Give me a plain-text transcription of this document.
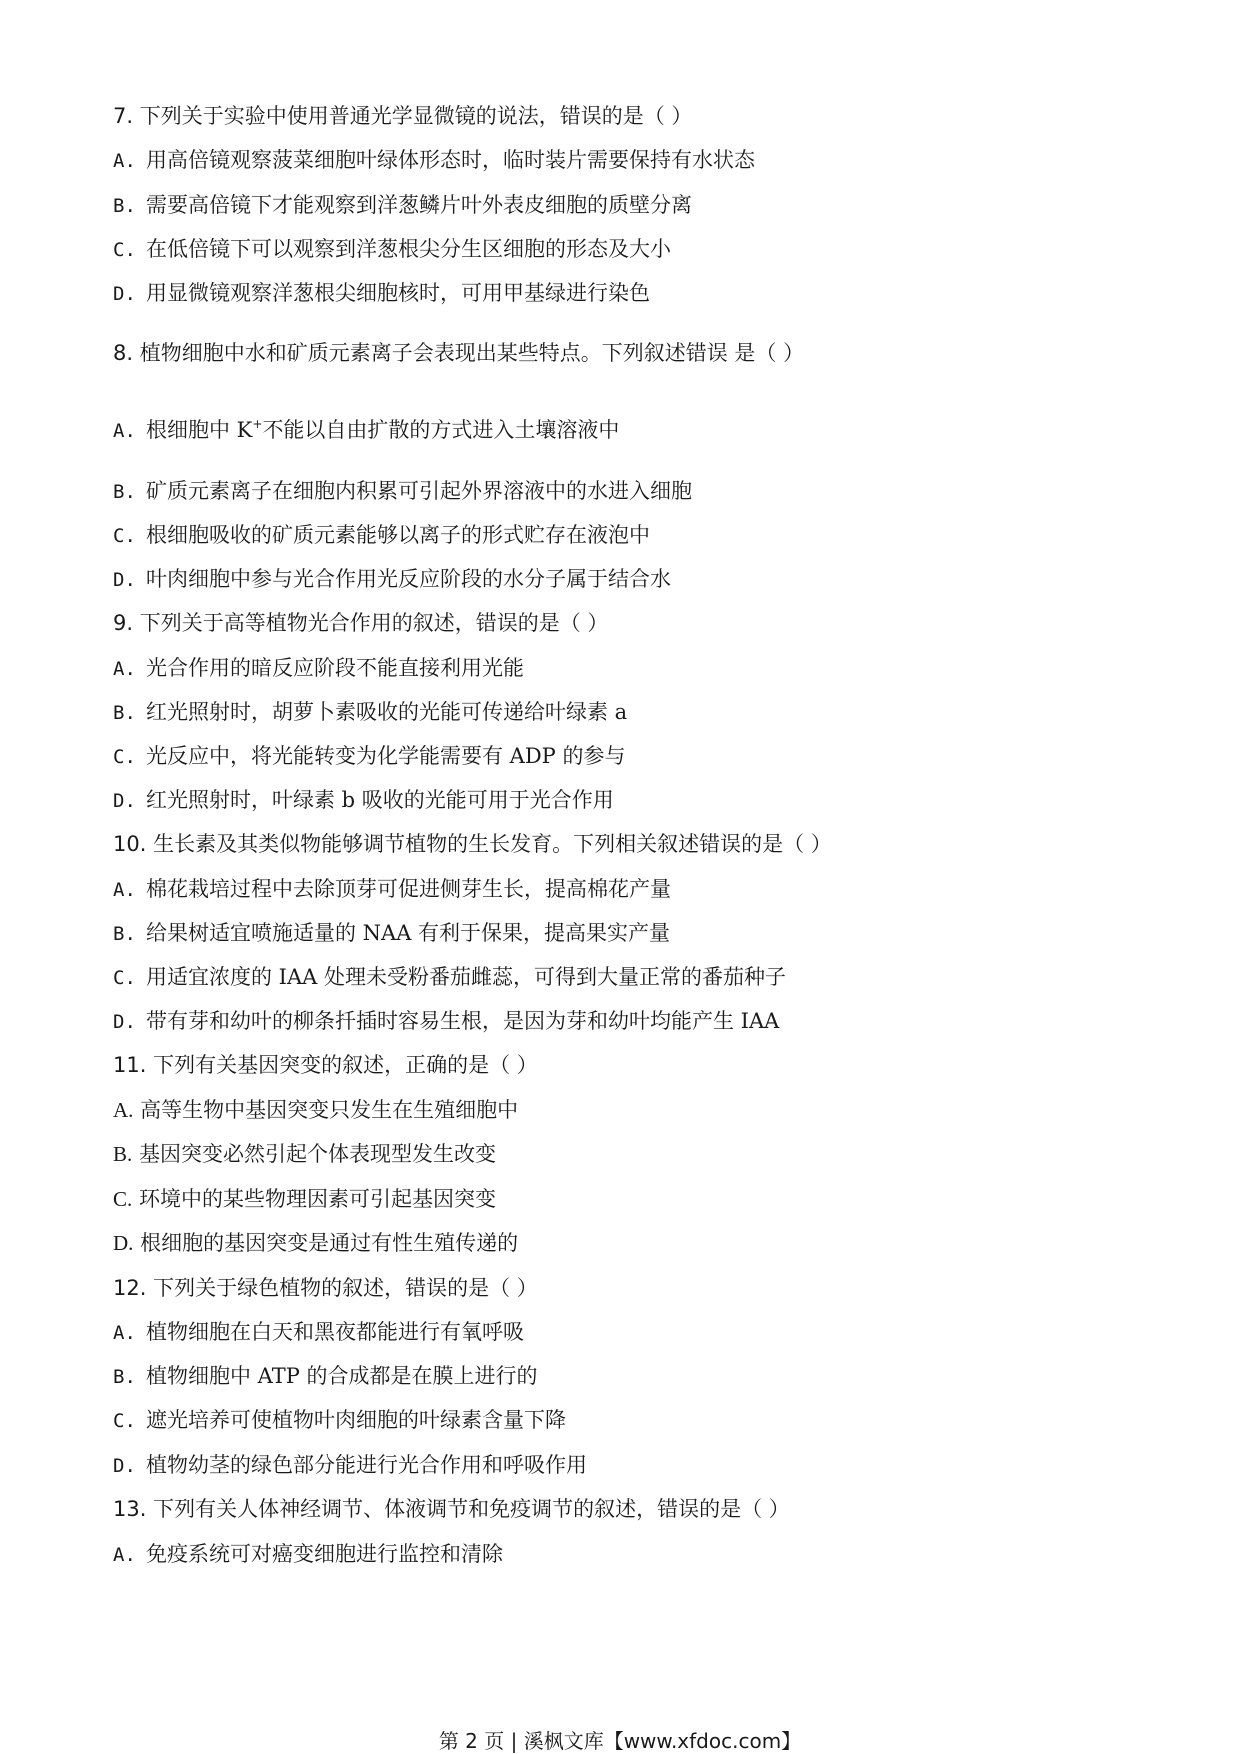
7. 下列关于实验中使用普通光学显微镜的说法，错误的是（ ）
A. 用高倍镜观察菠菜细胞叶绿体形态时，临时装片需要保持有水状态
B. 需要高倍镜下才能观察到洋葱鳞片叶外表皮细胞的质壁分离
C. 在低倍镜下可以观察到洋葱根尖分生区细胞的形态及大小
D. 用显微镜观察洋葱根尖细胞核时，可用甲基绿进行染色
8. 植物细胞中水和矿质元素离子会表现出某些特点。下列叙述错误 是（ ）
A. 根细胞中 K+不能以自由扩散的方式进入土壤溶液中
B. 矿质元素离子在细胞内积累可引起外界溶液中的水进入细胞
C. 根细胞吸收的矿质元素能够以离子的形式贮存在液泡中
D. 叶肉细胞中参与光合作用光反应阶段的水分子属于结合水
9. 下列关于高等植物光合作用的叙述，错误的是（ ）
A. 光合作用的暗反应阶段不能直接利用光能
B. 红光照射时，胡萝卜素吸收的光能可传递给叶绿素 a
C. 光反应中，将光能转变为化学能需要有 ADP 的参与
D. 红光照射时，叶绿素 b 吸收的光能可用于光合作用
10. 生长素及其类似物能够调节植物的生长发育。下列相关叙述错误的是（ ）
A. 棉花栽培过程中去除顶芽可促进侧芽生长，提高棉花产量
B. 给果树适宜喷施适量的 NAA 有利于保果，提高果实产量
C. 用适宜浓度的 IAA 处理未受粉番茄雌蕊，可得到大量正常的番茄种子
D. 带有芽和幼叶的柳条扦插时容易生根，是因为芽和幼叶均能产生 IAA
11. 下列有关基因突变的叙述，正确的是（ ）
A. 高等生物中基因突变只发生在生殖细胞中
B. 基因突变必然引起个体表现型发生改变
C. 环境中的某些物理因素可引起基因突变
D. 根细胞的基因突变是通过有性生殖传递的
12. 下列关于绿色植物的叙述，错误的是（ ）
A. 植物细胞在白天和黑夜都能进行有氧呼吸
B. 植物细胞中 ATP 的合成都是在膜上进行的
C. 遮光培养可使植物叶肉细胞的叶绿素含量下降
D. 植物幼茎的绿色部分能进行光合作用和呼吸作用
13. 下列有关人体神经调节、体液调节和免疫调节的叙述，错误的是（ ）
A. 免疫系统可对癌变细胞进行监控和清除
第 2 页 | 溪枫文库【www.xfdoc.com】
